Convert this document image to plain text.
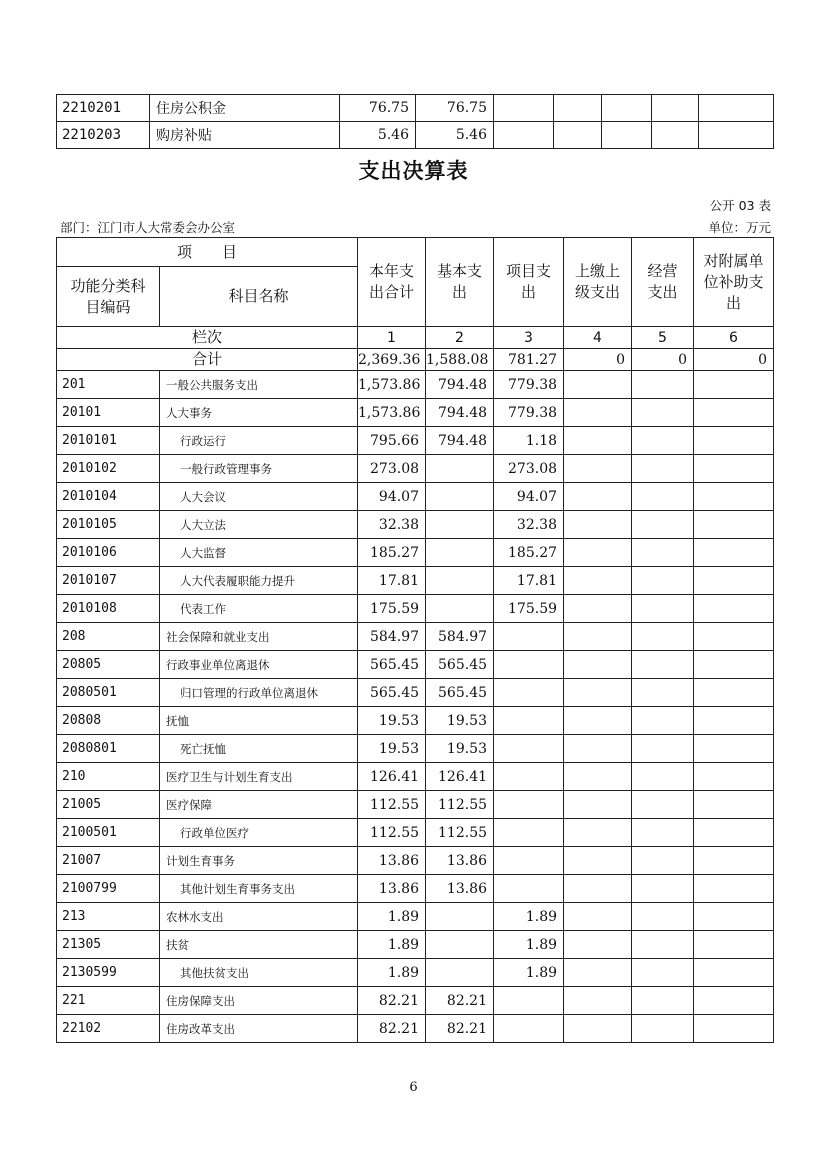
2210201	住房公积金	76.75	76.75					
2210203	购房补贴	5.46	5.46					
支出决算表
公开 03 表
部门：江门市人大常委会办公室	单位：万元
项　　目		本年支出合计	基本支出	项目支出	上缴上级支出	经营支出	对附属单位补助支出
功能分类科目编码	科目名称						
栏次		1	2	3	4	5	6
合计		2,369.36	1,588.08	781.27	0	0	0
201	一般公共服务支出	1,573.86	794.48	779.38			
20101	人大事务	1,573.86	794.48	779.38			
2010101	行政运行	795.66	794.48	1.18			
2010102	一般行政管理事务	273.08		273.08			
2010104	人大会议	94.07		94.07			
2010105	人大立法	32.38		32.38			
2010106	人大监督	185.27		185.27			
2010107	人大代表履职能力提升	17.81		17.81			
2010108	代表工作	175.59		175.59			
208	社会保障和就业支出	584.97	584.97				
20805	行政事业单位离退休	565.45	565.45				
2080501	归口管理的行政单位离退休	565.45	565.45				
20808	抚恤	19.53	19.53				
2080801	死亡抚恤	19.53	19.53				
210	医疗卫生与计划生育支出	126.41	126.41				
21005	医疗保障	112.55	112.55				
2100501	行政单位医疗	112.55	112.55				
21007	计划生育事务	13.86	13.86				
2100799	其他计划生育事务支出	13.86	13.86				
213	农林水支出	1.89		1.89			
21305	扶贫	1.89		1.89			
2130599	其他扶贫支出	1.89		1.89			
221	住房保障支出	82.21	82.21				
22102	住房改革支出	82.21	82.21				
6
